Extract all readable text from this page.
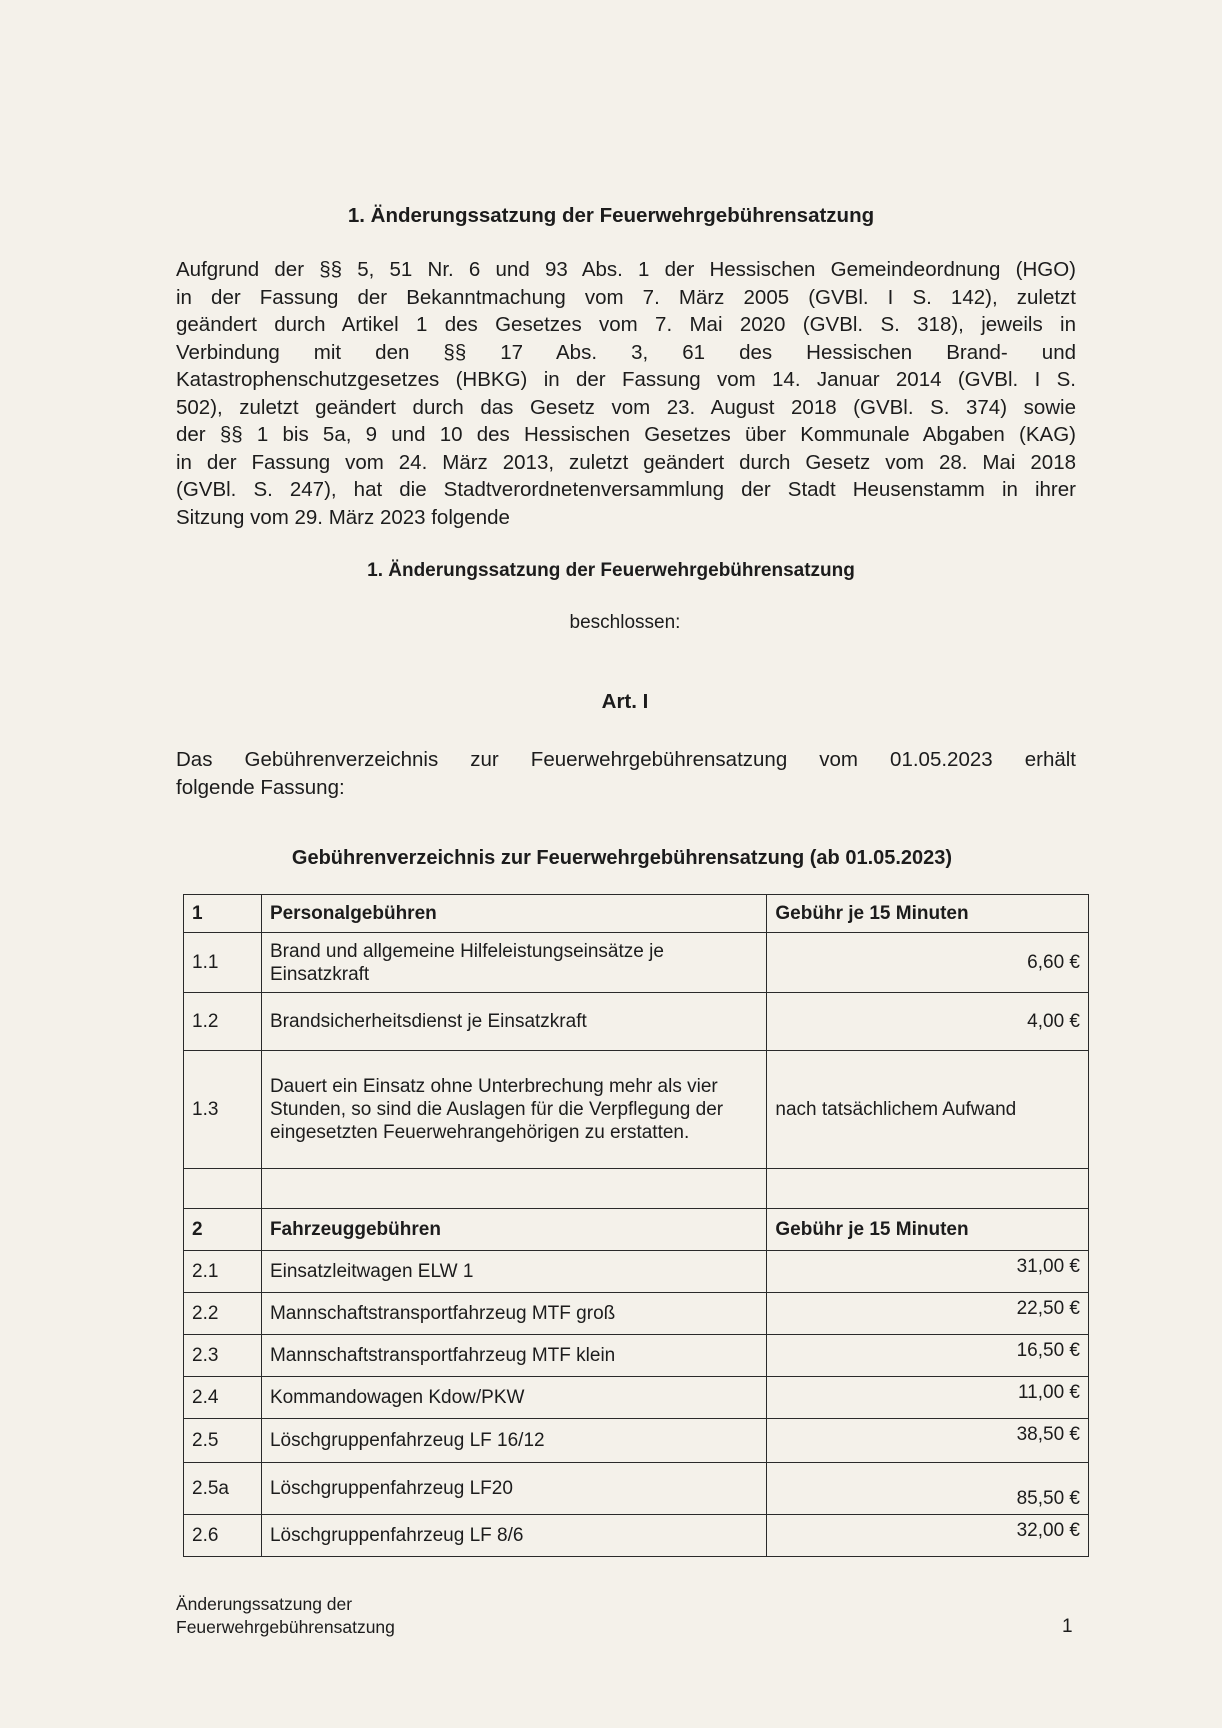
1. Änderungssatzung der Feuerwehrgebührensatzung

Aufgrund der §§ 5, 51 Nr. 6 und 93 Abs. 1 der Hessischen Gemeindeordnung (HGO)
in der Fassung der Bekanntmachung vom 7. März 2005 (GVBl. I S. 142), zuletzt
geändert durch Artikel 1 des Gesetzes vom 7. Mai 2020 (GVBl. S. 318), jeweils in
Verbindung mit den §§ 17 Abs. 3, 61 des Hessischen Brand- und
Katastrophenschutzgesetzes (HBKG) in der Fassung vom 14. Januar 2014 (GVBl. I S.
502), zuletzt geändert durch das Gesetz vom 23. August 2018 (GVBl. S. 374) sowie
der §§ 1 bis 5a, 9 und 10 des Hessischen Gesetzes über Kommunale Abgaben (KAG)
in der Fassung vom 24. März 2013, zuletzt geändert durch Gesetz vom 28. Mai 2018
(GVBl. S. 247), hat die Stadtverordnetenversammlung der Stadt Heusenstamm in ihrer
Sitzung vom 29. März 2023 folgende

1. Änderungssatzung der Feuerwehrgebührensatzung
beschlossen:
Art. I
Das Gebührenverzeichnis zur Feuerwehrgebührensatzung vom 01.05.2023 erhält
folgende Fassung:
Gebührenverzeichnis zur Feuerwehrgebührensatzung (ab 01.05.2023)
1	Personalgebühren	Gebühr je 15 Minuten
1.1	Brand und allgemeine Hilfeleistungseinsätze je Einsatzkraft	6,60 €
1.2	Brandsicherheitsdienst je Einsatzkraft	4,00 €
1.3	Dauert ein Einsatz ohne Unterbrechung mehr als vier Stunden, so sind die Auslagen für die Verpflegung der eingesetzten Feuerwehrangehörigen zu erstatten.	nach tatsächlichem Aufwand

2	Fahrzeuggebühren	Gebühr je 15 Minuten
2.1	Einsatzleitwagen ELW 1	31,00 €
2.2	Mannschaftstransportfahrzeug MTF groß	22,50 €
2.3	Mannschaftstransportfahrzeug MTF klein	16,50 €
2.4	Kommandowagen Kdow/PKW	11,00 €
2.5	Löschgruppenfahrzeug LF 16/12	38,50 €
2.5a	Löschgruppenfahrzeug LF20	85,50 €
2.6	Löschgruppenfahrzeug LF 8/6	32,00 €
Änderungssatzung der
Feuerwehrgebührensatzung	1
